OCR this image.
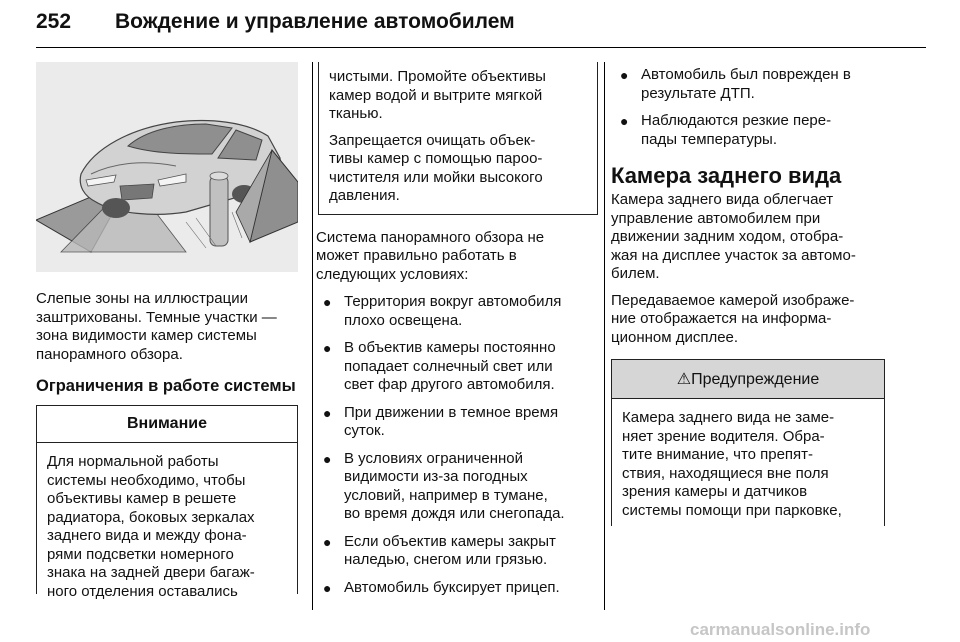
252 Вождение и управление автомобилем

Слепые зоны на иллюстрации
заштрихованы. Темные участки —
зона видимости камер системы
панорамного обзора.

Ограничения в работе системы
Внимание

Для нормальной работы
системы необходимо, чтобы
объективы камер в решете
радиатора, боковых зеркалах
заднего вида и между фона-
рями подсветки номерного
знака на задней двери багаж-
ного отделения оставались

чистыми. Промойте объективы
камер водой и вытрите мягкой
тканью.

Запрещается очищать объек-
тивы камер с помощью пароо-
чистителя или мойки высокого
давления.

Система панорамного обзора не
может правильно работать в
следующих условиях:

● Территория вокруг автомобиля
плохо освещена.
● В объектив камеры постоянно
попадает солнечный свет или
свет фар другого автомобиля.
● При движении в темное время
суток.
● В условиях ограниченной
видимости из-за погодных
условий, например в тумане,
во время дождя или снегопада.
● Если объектив камеры закрыт
наледью, снегом или грязью.
● Автомобиль буксирует прицеп.
● Автомобиль был поврежден в
результате ДТП.
● Наблюдаются резкие пере-
пады температуры.
Камера заднего вида

Камера заднего вида облегчает
управление автомобилем при
движении задним ходом, отобра-
жая на дисплее участок за автомо-
билем.

Передаваемое камерой изображе-
ние отображается на информа-
ционном дисплее.

⚠Предупреждение

Камера заднего вида не заме-
няет зрение водителя. Обра-
тите внимание, что препят-
ствия, находящиеся вне поля
зрения камеры и датчиков
системы помощи при парковке,

carmanualsonline.info
